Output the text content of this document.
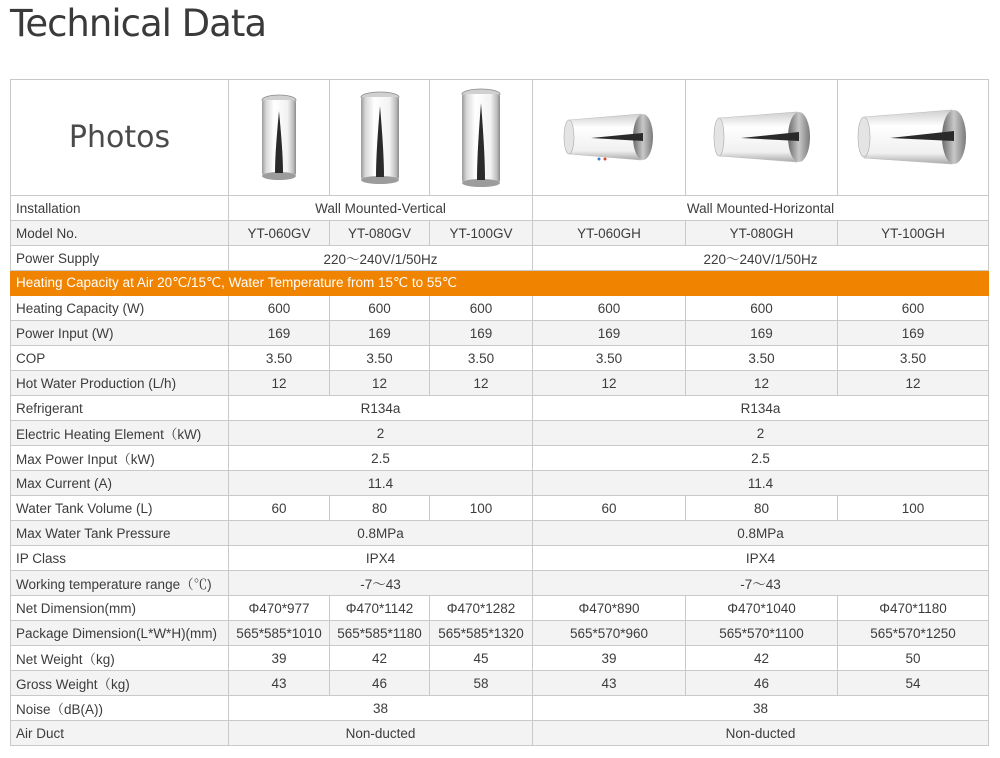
Technical Data
Photos	

Installation	Wall Mounted-Vertical			Wall Mounted-Horizontal		
Model No.	YT-060GV	YT-080GV	YT-100GV	YT-060GH	YT-080GH	YT-100GH
Power Supply	220～240V/1/50Hz			220～240V/1/50Hz		
Heating Capacity at Air 20℃/15℃, Water Temperature from 15℃ to 55℃						
Heating Capacity (W)	600	600	600	600	600	600
Power Input (W)	169	169	169	169	169	169
COP	3.50	3.50	3.50	3.50	3.50	3.50
Hot Water Production (L/h)	12	12	12	12	12	12
Refrigerant	R134a			R134a		
Electric Heating Element（kW)	2			2		
Max Power Input（kW)	2.5			2.5		
Max Current (A)	11.4			11.4		
Water Tank Volume (L)	60	80	100	60	80	100
Max Water Tank Pressure	0.8MPa			0.8MPa		
IP Class	IPX4			IPX4		
Working temperature range（℃)	-7～43			-7～43		
Net Dimension(mm)	Φ470*977	Φ470*1142	Φ470*1282	Φ470*890	Φ470*1040	Φ470*1180
Package Dimension(L*W*H)(mm)	565*585*1010	565*585*1180	565*585*1320	565*570*960	565*570*1100	565*570*1250
Net Weight（kg)	39	42	45	39	42	50
Gross Weight（kg)	43	46	58	43	46	54
Noise（dB(A))	38			38		
Air Duct	Non-ducted			Non-ducted		
